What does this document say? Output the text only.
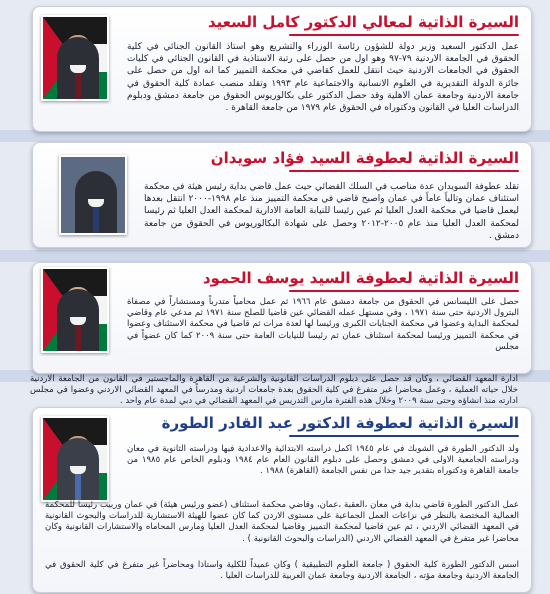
السيرة الذاتية لمعالي الدكتور كامل السعيد

عمل الدكتور السعيد وزير دولة للشؤون رئاسة الوزراء والتشريع وهو استاذ القانون الجنائي في كلية الحقوق في الجامعة الاردنية ٧٩-٩٧ وهو اول من حصل على رتبة الاستاذية في القانون الجنائي في كليات الحقوق في الجامعات الاردنية حيث انتقل للعمل كقاضي في محكمة التمييز كما انه اول من حصل على جائزة الدولة التقديرية في العلوم الانسانية والاجتماعية عام ١٩٩٣ وتقلد منصب عمادة كلية الحقوق في جامعة الاردنية وجامعة عمان الاهلية وقد حصل الدكتور على بكالوريوس الحقوق من جامعة دمشق ودبلوم الدراسات العليا في القانون ودكتوراه في الحقوق عام ١٩٧٩ من جامعة القاهرة .

السيرة الذاتية لعطوفة السيد فؤاد سويدان

تقلد عطوفة السويدان عدة مناصب في السلك القضائي حيث عمل قاضي بداية رئيس هيئة في محكمة استئناف عمان وتالياً عاماً في عمان واصبح قاضي في محكمة التمييز منذ عام ١٩٩٨-٢٠٠٠ انتقل بعدها ليعمل قاضيا في محكمة العدل العليا ثم عين رئيسا للنيابة العامة الادارية لمحكمة العدل العليا ثم رئيسا لمحكمة العدل العليا منذ عام ٢٠٠٥-٢٠١٢ وحصل على شهادة البكالوريوس في الحقوق من جامعة دمشق .

السيرة الذاتية لعطوفة السيد يوسف الحمود

حصل على الليسانس في الحقوق من جامعة دمشق عام ١٩٦٦ ثم عمل محامياً متدرباً ومستشاراً في مصفاة البترول الاردنية حتى سنة ١٩٧١ ، وفي مستهل عمله القضائي عين قاضيا للصلح سنة ١٩٧١ ثم مدعي عام وقاضي لمحكمة البداية وعضوا في محكمة الجنايات الكبرى ورئيسا لها لعدة مرات ثم قاضيا في محكمة الاستئناف وعضوا في محكمة التمييز ورئيسا لمحكمة استئناف عمان ثم رئيسا للنيابات العامة حتى سنة ٢٠٠٩ كما كان عضواً في مجلس

ادارة المعهد القضائي ، وكان قد حصل على دبلوم الدراسات القانونية والشرعية من القاهرة والماجستير في القانون من الجامعة الاردنية خلال حياته العملية ، وعمل محاضرا غير متفرغ في كلية الحقوق بعدة جامعات اردنية ومدرساً في المعهد القضائي الاردني وعضوا في مجلس ادارته منذ انشاؤه وحتى سنة ٢٠٠٩ وخلال هذه الفترة مارس التدريس في المعهد القضائي في دبي لمدة عام واحد .

السيرة الذاتية لعطوفة الدكتور عبد القادر الطورة

ولد الدكتور الطورة في الشوبك في عام ١٩٤٥ اكمل دراسته الابتدائية والاعدادية فيها ودراسته الثانوية في معان ودراسته الجامعية الاولى في دمشق وحصل على دبلوم القانون العام عام ١٩٨٤ ودبلوم الخاص عام ١٩٨٥ من جامعة القاهرة ودكتوراه بتقدير جيد جدا من نفس الجامعة (القاهرة) ١٩٨٨ .

عمل الدكتور الطورة قاضي بداية في معان ،العقبة ،عمان، وقاضي محكمة استئناف (عضو ورئيس هيئة) في عمان وربيب رئيسا للمحكمة العمالية المختصة بالنظر في نزاعات العمل الجماعية على مستوى الاردن كما كان عضوا للهيئة الاستشارية للدراسات والبحوث القانونية في المعهد القضائي الاردني ، ثم عين قاضيا لمحكمة التمييز وقاضيا لمحكمة العدل العليا ومارس المحاماه والاستشارات القانونية وكان محاضرا غير متفرغ في المعهد القضائي الاردني (الدراسات والبحوث القانونية ) .

اسس الدكتور الطورة كلية الحقوق ( جامعة العلوم التطبيقية ) وكان عميداً للكلية واستاذا ومحاضراً غير متفرغ في كلية الحقوق في الجامعة الاردنية وجامعة مؤته ، الجامعة الاردنية وجامعة عمان العربية للدراسات العليا .
